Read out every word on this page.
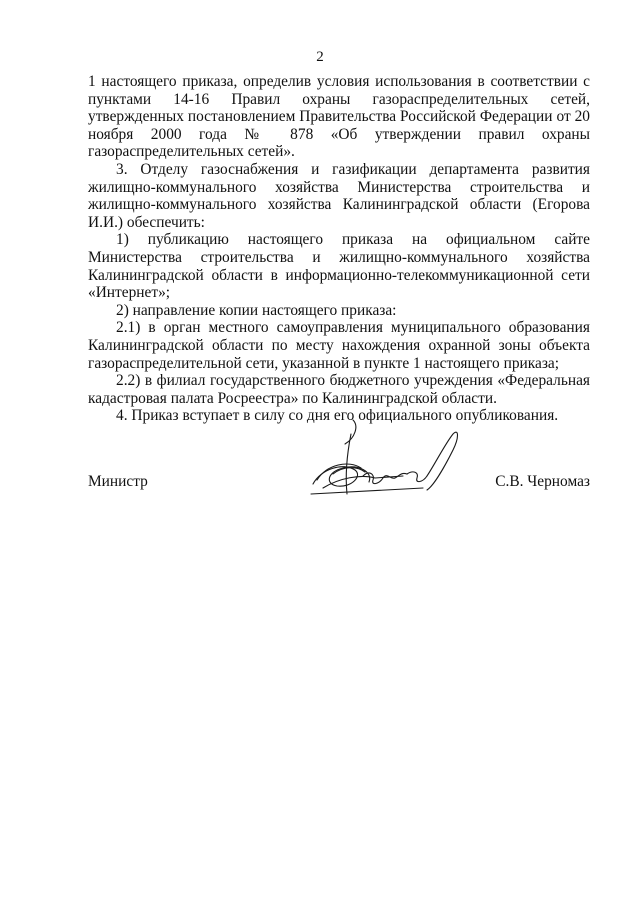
2

1 настоящего приказа, определив условия использования в соответствии с пунктами 14-16 Правил охраны газораспределительных сетей, утвержденных постановлением Правительства Российской Федерации от 20 ноября 2000 года № 878 «Об утверждении правил охраны газораспределительных сетей».

3. Отделу газоснабжения и газификации департамента развития жилищно-коммунального хозяйства Министерства строительства и жилищно-коммунального хозяйства Калининградской области (Егорова И.И.) обеспечить:

1) публикацию настоящего приказа на официальном сайте Министерства строительства и жилищно-коммунального хозяйства Калининградской области в информационно-телекоммуникационной сети «Интернет»;

2) направление копии настоящего приказа:

2.1) в орган местного самоуправления муниципального образования Калининградской области по месту нахождения охранной зоны объекта газораспределительной сети, указанной в пункте 1 настоящего приказа;

2.2) в филиал государственного бюджетного учреждения «Федеральная кадастровая палата Росреестра» по Калининградской области.

4. Приказ вступает в силу со дня его официального опубликования.

Министр	С.В. Черномаз
